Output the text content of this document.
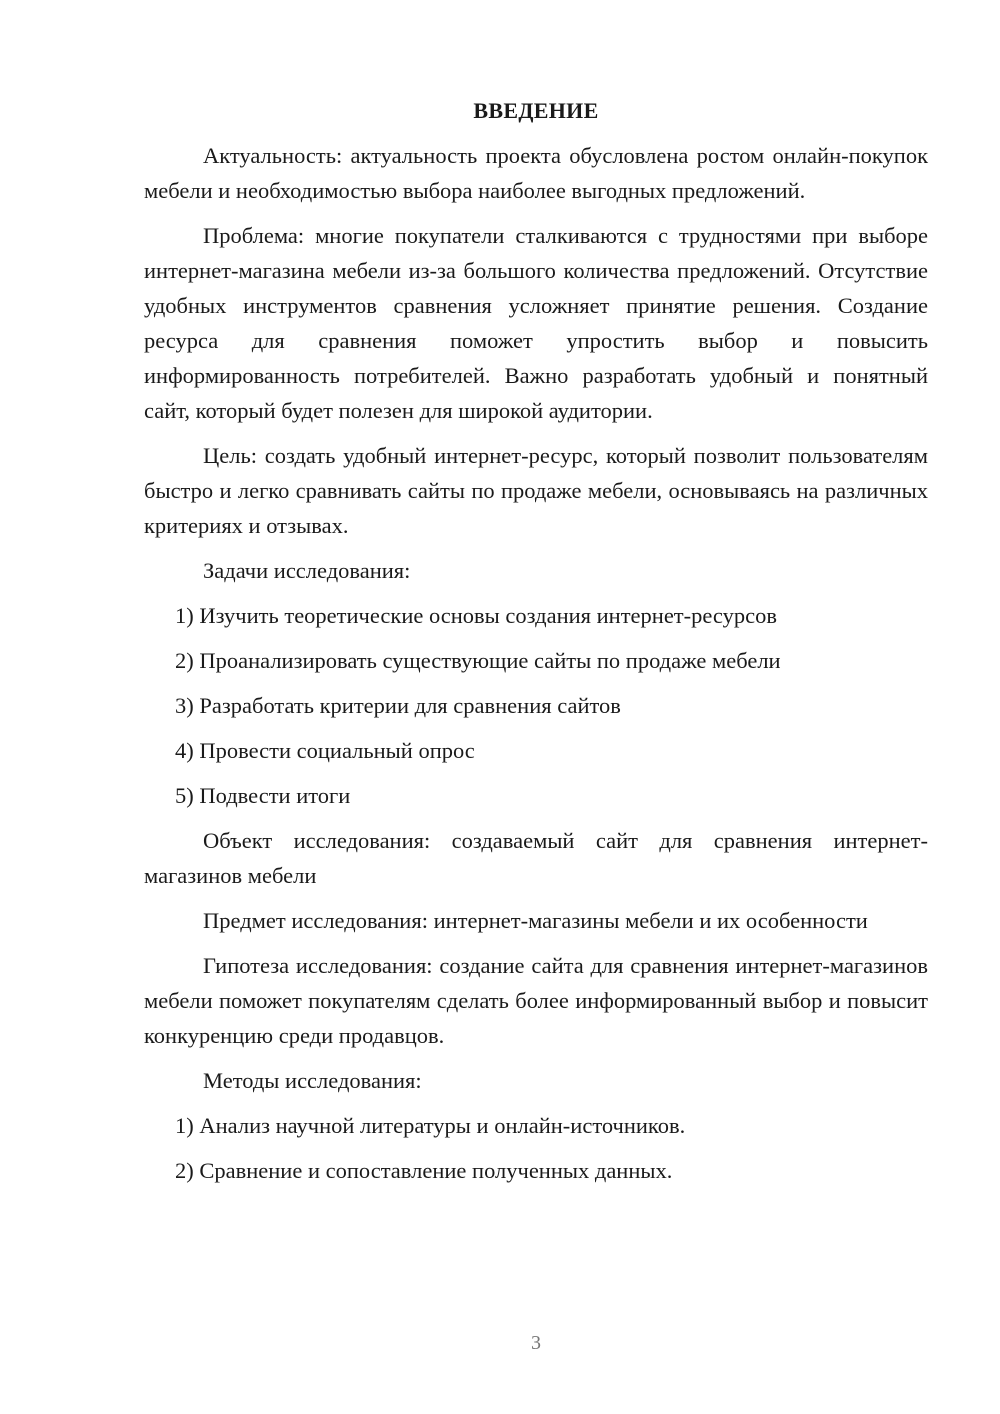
ВВЕДЕНИЕ

Актуальность: актуальность проекта обусловлена ростом онлайн-покупок мебели и необходимостью выбора наиболее выгодных предложений.

Проблема: многие покупатели сталкиваются с трудностями при выборе интернет-магазина мебели из-за большого количества предложений. Отсутствие удобных инструментов сравнения усложняет принятие решения. Создание ресурса для сравнения поможет упростить выбор и повысить информированность потребителей. Важно разработать удобный и понятный сайт, который будет полезен для широкой аудитории.

Цель: создать удобный интернет-ресурс, который позволит пользователям быстро и легко сравнивать сайты по продаже мебели, основываясь на различных критериях и отзывах.

Задачи исследования:

1) Изучить теоретические основы создания интернет-ресурсов

2) Проанализировать существующие сайты по продаже мебели

3) Разработать критерии для сравнения сайтов

4) Провести социальный опрос

5) Подвести итоги

Объект исследования: создаваемый сайт для сравнения интернет-магазинов мебели

Предмет исследования: интернет-магазины мебели и их особенности

Гипотеза исследования: создание сайта для сравнения интернет-магазинов мебели поможет покупателям сделать более информированный выбор и повысит конкуренцию среди продавцов.

Методы исследования:

1) Анализ научной литературы и онлайн-источников.

2) Сравнение и сопоставление полученных данных.

3
